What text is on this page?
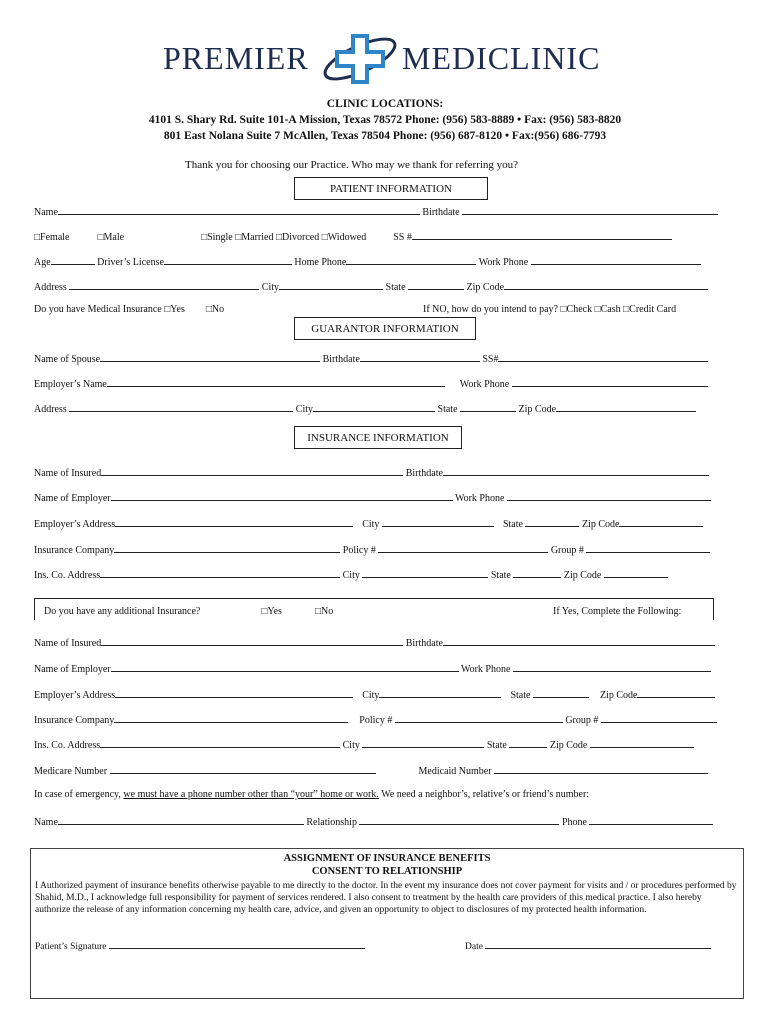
PREMIER	MEDICLINIC
CLINIC LOCATIONS:
4101 S. Shary Rd. Suite 101-A Mission, Texas 78572 Phone: (956) 583-8889 • Fax: (956) 583-8820
801 East Nolana Suite 7 McAllen, Texas 78504 Phone: (956) 687-8120 • Fax:(956) 686-7793
Thank you for choosing our Practice. Who may we thank for referring you?
PATIENT INFORMATION
Name	Birthdate
□Female	□Male	□Single □Married □Divorced □Widowed	SS #
Age	Driver’s License	Home Phone	Work Phone
Address	City	State	Zip Code
Do you have Medical Insurance □Yes □No	If NO, how do you intend to pay? □Check □Cash □Credit Card
GUARANTOR INFORMATION
Name of Spouse	Birthdate	SS#
Employer’s Name	Work Phone
Address	City	State	Zip Code
INSURANCE INFORMATION
Name of Insured	Birthdate
Name of Employer	Work Phone
Employer’s Address	City	State	Zip Code
Insurance Company	Policy #	Group #
Ins. Co. Address	City	State	Zip Code
Do you have any additional Insurance?	□Yes	□No	If Yes, Complete the Following:
Name of Insured	Birthdate
Name of Employer	Work Phone
Employer’s Address	City	State	Zip Code
Insurance Company	Policy #	Group #
Ins. Co. Address	City	State	Zip Code
Medicare Number	Medicaid Number
In case of emergency, we must have a phone number other than “your” home or work. We need a neighbor’s, relative’s or friend’s number:
Name	Relationship	Phone
ASSIGNMENT OF INSURANCE BENEFITS
CONSENT TO RELATIONSHIP
I Authorized payment of insurance benefits otherwise payable to me directly to the doctor. In the event my insurance does not cover payment for visits and / or procedures performed by Shahid, M.D., I acknowledge full responsibility for payment of services rendered. I also consent to treatment by the health care providers of this medical practice. I also hereby authorize the release of any information concerning my health care, advice, and given an opportunity to object to disclosures of my protected health information.
Patient’s Signature	Date
